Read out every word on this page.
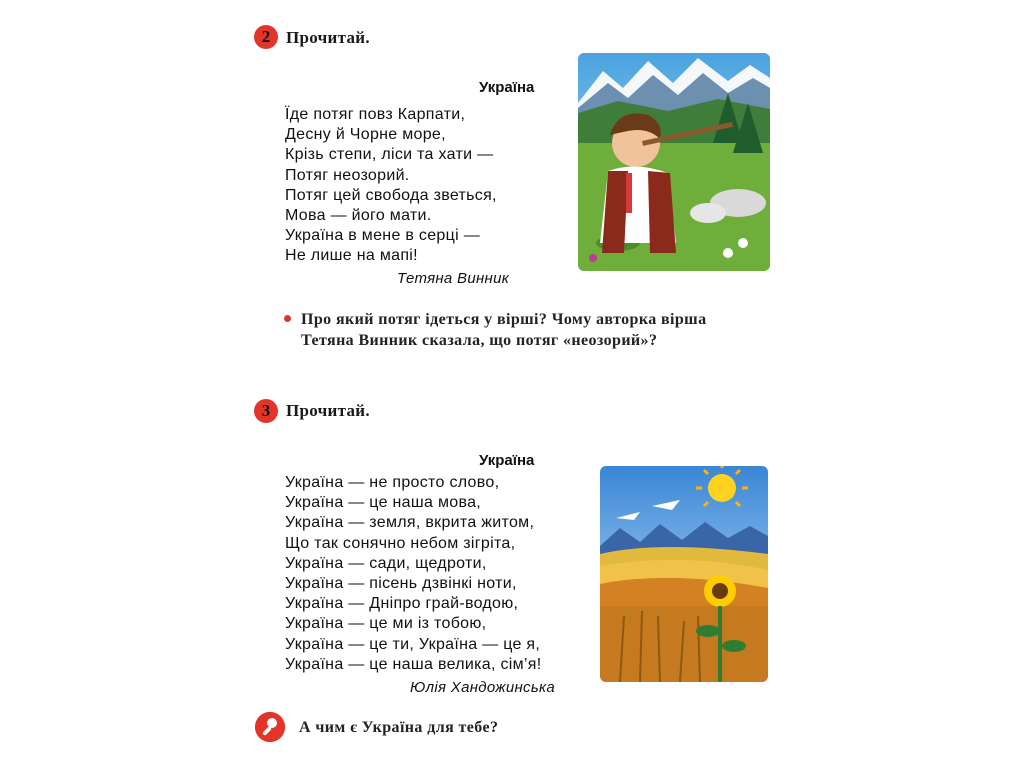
2 Прочитай.
Україна
Їде потяг повз Карпати,
Десну й Чорне море,
Крізь степи, ліси та хати —
Потяг неозорий.
Потяг цей свобода зветься,
Мова — його мати.
Україна в мене в серці —
Не лише на мапі!
Тетяна Винник
Про який потяг ідеться у вірші? Чому авторка вірша
Тетяна Винник сказала, що потяг «неозорий»?
3 Прочитай.
Україна
Україна — не просто слово,
Україна — це наша мова,
Україна — земля, вкрита житом,
Що так сонячно небом зігріта,
Україна — сади, щедроти,
Україна — пісень дзвінкі ноти,
Україна — Дніпро грай-водою,
Україна — це ми із тобою,
Україна — це ти, Україна — це я,
Україна — це наша велика, сім’я!
Юлія Хандожинська
А чим є Україна для тебе?
